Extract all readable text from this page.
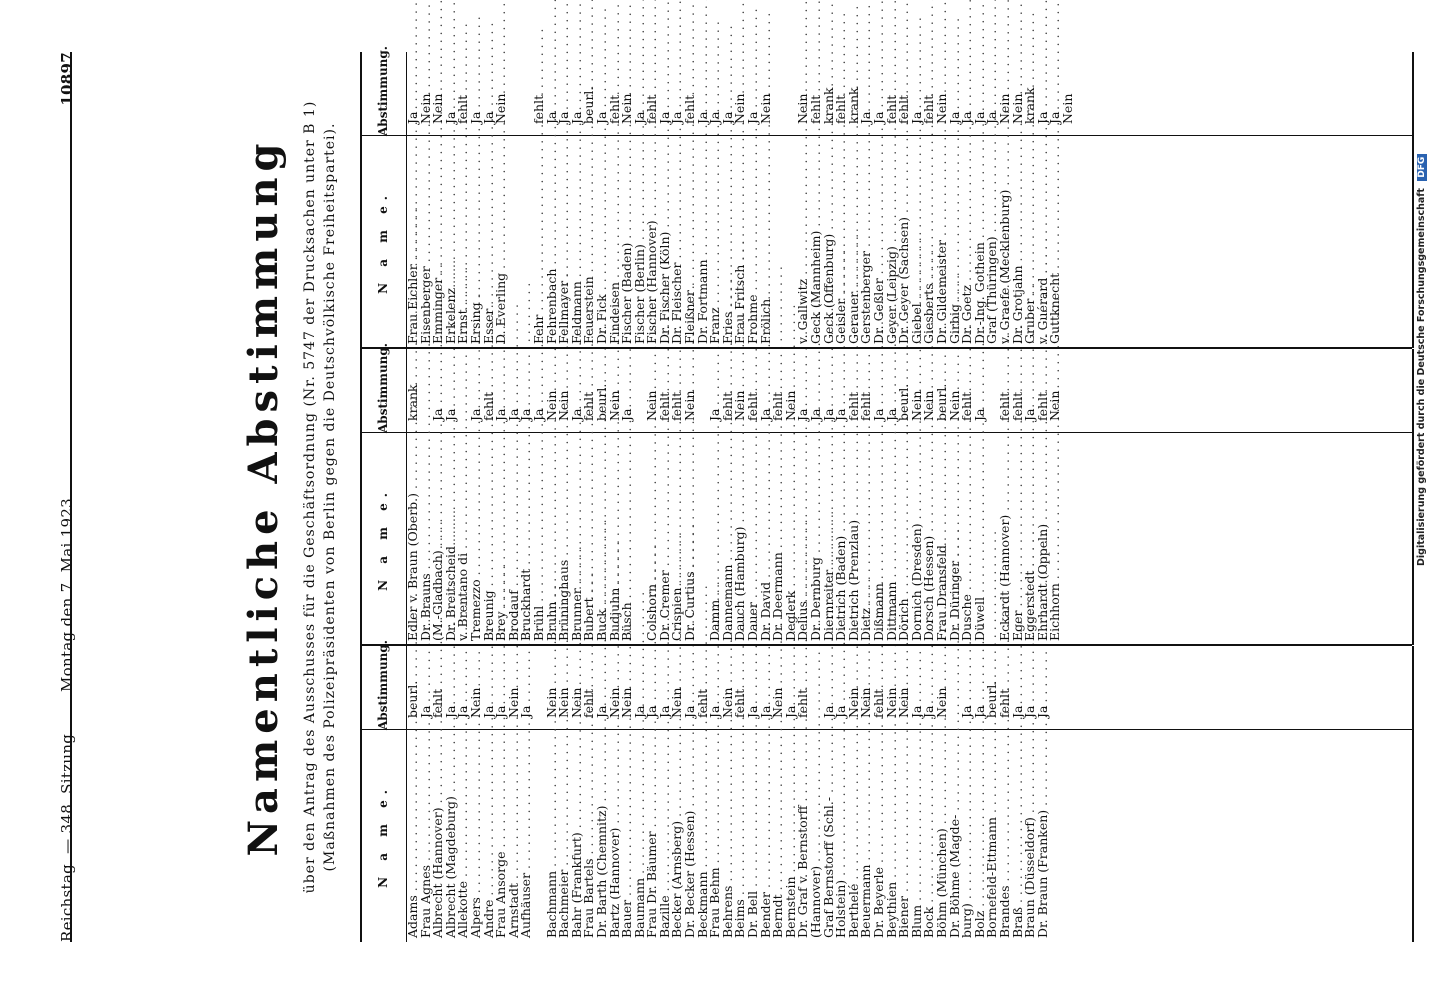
Reichstag. — 348. Sitzung.
Montag den 7. Mai 1923.
10897
Namentliche Abstimmung über den Antrag des Ausschusses für die Geschäftsordnung (Nr. 5747 der Drucksachen unter B 1) (Maßnahmen des Polizeipräsidenten von Berlin gegen die Deutschvölkische Freiheitspartei).	N a m e.
Abstimmung.
Adams . . .
beurl.
Frau Agnes . . .
Ja
Albrecht (Hannover) . . .
fehlt
Albrecht (Magdeburg) . . .
Ja
Allekotte . . .
Ja
Alpers . . .
Nein
Andre . . .
Ja
Frau Ansorge . . .
Ja
Arnstadt . . .
Nein
Aufhäuser . . .
Ja
Bachmann . . .
Nein
Bachmeier . . .
Nein
Bahr (Frankfurt) . . .
Nein
Frau Bartels . . .
fehlt
Dr. Barth (Chemnitz) . . .
Ja
Bartz (Hannover) . . .
Nein
Bauer . . .
Nein
Baumann . . .
Ja
Frau Dr. Bäumer . . .
Ja
Bazille . . .
Ja
Becker (Arnsberg) . . .
Nein
Dr. Becker (Hessen) . . .
Ja
Beckmann . . .
fehlt
Frau Behm . . .
Ja
Behrens . . .
Nein
Beims . . .
fehlt
Dr. Bell . . .
Ja
Bender . . .
Ja
Berndt . . .
Nein
Bernstein . . .
Ja
Dr. Graf v. Bernstorff . . .
fehlt
(Hannover) . . .
Graf Bernstorff (Schl.- . . .
Ja
Holstein) . . .
Ja
Berthelé . . .
Nein
Beuermann . . .
Nein
Dr. Beyerle . . .
fehlt
Beythien . . .
Nein
Biener . . .
Nein
Blum . . .
Ja
Bock . . .
Ja
Böhm (München) . . .
Nein
Dr. Böhme (Magde- . . .
burg) . . .
Ja
Bolz . . .
Ja
Bornefeld-Ettmann . . .
beurl.
Brandes . . .
fehlt
Braß . . .
Ja
Braun (Düsseldorf) . . .
Ja
Dr. Braun (Franken) . . .
Ja
N a m e.
Abstimmung.
Edler v. Braun (Oberb.) . . .
krank
Dr. Brauns . . .
(M.-Gladbach) . . .
Ja
Dr. Breitscheid . . .
Ja
v. Brentano di . . .
Tremezzo . . .
Ja
Breunig . . .
fehlt
Brey . . .
Ja
Brodauf . . .
Ja
Bruckhardt . . .
Ja
Brühl . . .
Ja
Bruhn . . .
Nein
Brüninghaus . . .
Nein
Brunner . . .
Ja
Bubert . . .
fehlt
Buck . . .
beurl.
Budjuhn . . .
Nein
Büsch . . .
Ja
Colshorn . . .
Nein
Dr. Cremer . . .
fehlt
Crispien . . .
fehlt
Dr. Curtius . . .
Nein
Damm . . .
Ja
Dannemann . . .
fehlt
Dauch (Hamburg) . . .
Nein
Dauer . . .
fehlt
Dr. David . . .
Ja
Dr. Deermann . . .
fehlt
Deglerk . . .
Nein
Delius . . .
Ja
Dr. Dernburg . . .
Ja
Diernreiter . . .
Ja
Dietrich (Baden) . . .
Ja
Dietrich (Prenzlau) . . .
fehlt
Dietz . . .
fehlt
Dißmann . . .
Ja
Dittmann . . .
Ja
Dörich . . .
beurl.
Dornich (Dresden) . . .
Nein
Dorsch (Hessen) . . .
Nein
Frau Dransfeld . . .
beurl.
Dr. Düringer . . .
Nein
Dusche . . .
fehlt
Düwell . . .
Ja
Eckardt (Hannover) . . .
fehlt
Eger . . .
fehlt
Eggerstedt . . .
Ja
Ehrhardt (Oppeln) . . .
fehlt
Eichhorn . . .
Nein
N a m e.
Abstimmung.
Frau Eichler . . .
Ja
Eisenberger . . .
Nein
Emminger . . .
Nein
Erkelenz . . .
Ja
Ernst . . .
fehlt
Ersing . . .
Ja
Esser . . .
Ja
D. Everling . . .
Nein
Fehr . . .
fehlt
Fehrenbach . . .
Ja
Fellmayer . . .
Ja
Feldmann . . .
Ja
Feuerstein . . .
beurl.
Dr. Fick . . .
Ja
Findeisen . . .
fehlt
Fischer (Baden) . . .
Nein
Fischer (Berlin) . . .
Ja
Fischer (Hannover) . . .
fehlt
Dr. Fischer (Köln) . . .
Ja
Dr. Fleischer . . .
Ja
Fleißner . . .
fehlt
Dr. Fortmann . . .
Ja
Franz . . .
Ja
Fries . . .
Ja
Frau Fritsch . . .
Nein
Frohme . . .
Ja
Frölich . . .
Nein
v. Gallwitz . . .
Nein
Geck (Mannheim) . . .
fehlt
Geck (Offenburg) . . .
krank
Geisler . . .
fehlt
Gerauer . . .
krank
Gerstenberger . . .
Ja
Dr. Geßler . . .
Ja
Geyer (Leipzig) . . .
fehlt
Dr. Geyer (Sachsen) . . .
fehlt
Giebel . . .
Ja
Giesberts . . .
fehlt
Dr. Gildemeister . . .
Nein
Girbig . . .
Ja
Dr. Goetz . . .
Ja
Dr.-Ing. Gothein . . .
Ja
Graf (Thüringen) . . .
Ja
v. Graefe (Mecklenburg) . . .
Nein
Dr. Grotjahn . . .
Nein
Gruber . . .
krank
v. Guérard . . .
Ja
Guttknecht . . .
Ja
Nein
Digitalisierung gefördert durch die Deutsche Forschungsgemeinschaft DFG
